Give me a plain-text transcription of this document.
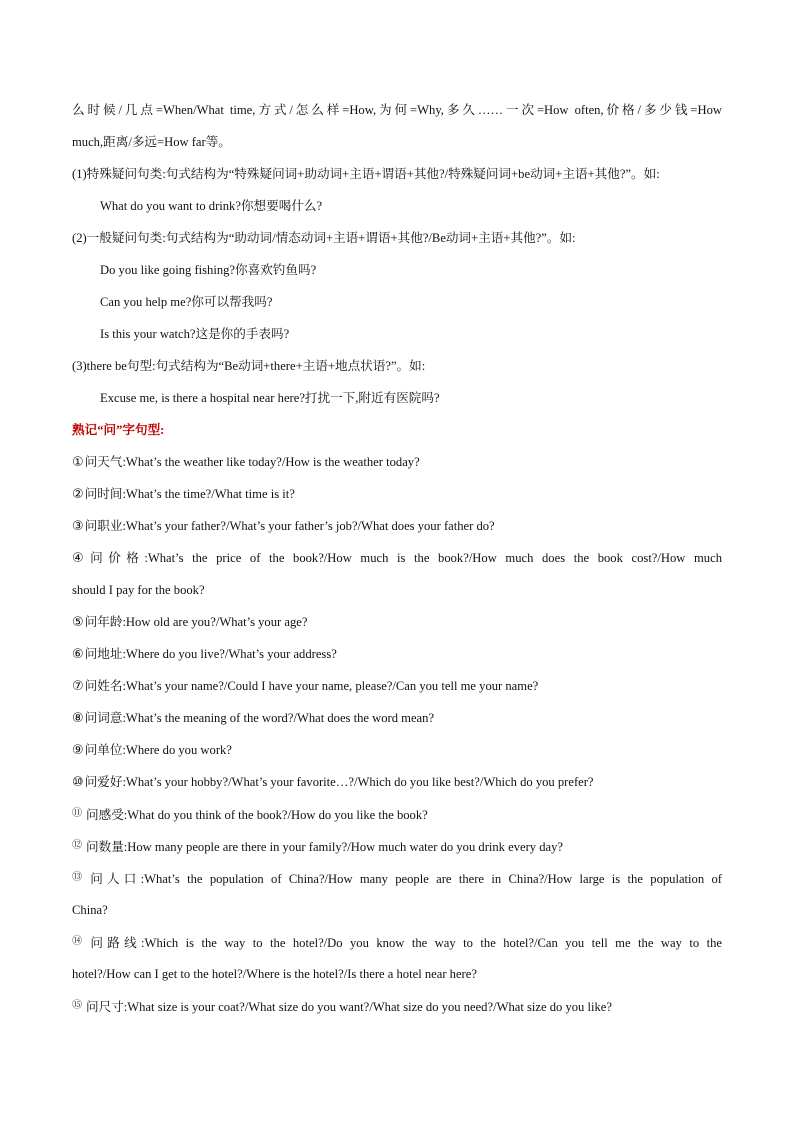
么时候/几点=When/What time,方式/怎么样=How,为何=Why,多久……一次=How often,价格/多少钱=How
much,距离/多远=How far等。
(1)特殊疑问句类:句式结构为“特殊疑问词+助动词+主语+谓语+其他?/特殊疑问词+be动词+主语+其他?”。如:
What do you want to drink?你想要喝什么?
(2)一般疑问句类:句式结构为“助动词/情态动词+主语+谓语+其他?/Be动词+主语+其他?”。如:
Do you like going fishing?你喜欢钓鱼吗?
Can you help me?你可以帮我吗?
Is this your watch?这是你的手表吗?
(3)there be句型:句式结构为“Be动词+there+主语+地点状语?”。如:
Excuse me, is there a hospital near here?打扰一下,附近有医院吗?
熟记“问”字句型:
①问天气:What’s the weather like today?/How is the weather today?
②问时间:What’s the time?/What time is it?
③问职业:What’s your father?/What’s your father’s job?/What does your father do?
④问价格:What’s the price of the book?/How much is the book?/How much does the book cost?/How much
should I pay for the book?
⑤问年龄:How old are you?/What’s your age?
⑥问地址:Where do you live?/What’s your address?
⑦问姓名:What’s your name?/Could I have your name, please?/Can you tell me your name?
⑧问词意:What’s the meaning of the word?/What does the word mean?
⑨问单位:Where do you work?
⑩问爱好:What’s your hobby?/What’s your favorite…?/Which do you like best?/Which do you prefer?
⑪ 问感受:What do you think of the book?/How do you like the book?
⑫ 问数量:How many people are there in your family?/How much water do you drink every day?
⑬ 问人口:What’s the population of China?/How many people are there in China?/How large is the population of
China?
⑭ 问路线:Which is the way to the hotel?/Do you know the way to the hotel?/Can you tell me the way to the
hotel?/How can I get to the hotel?/Where is the hotel?/Is there a hotel near here?
⑮ 问尺寸:What size is your coat?/What size do you want?/What size do you need?/What size do you like?
